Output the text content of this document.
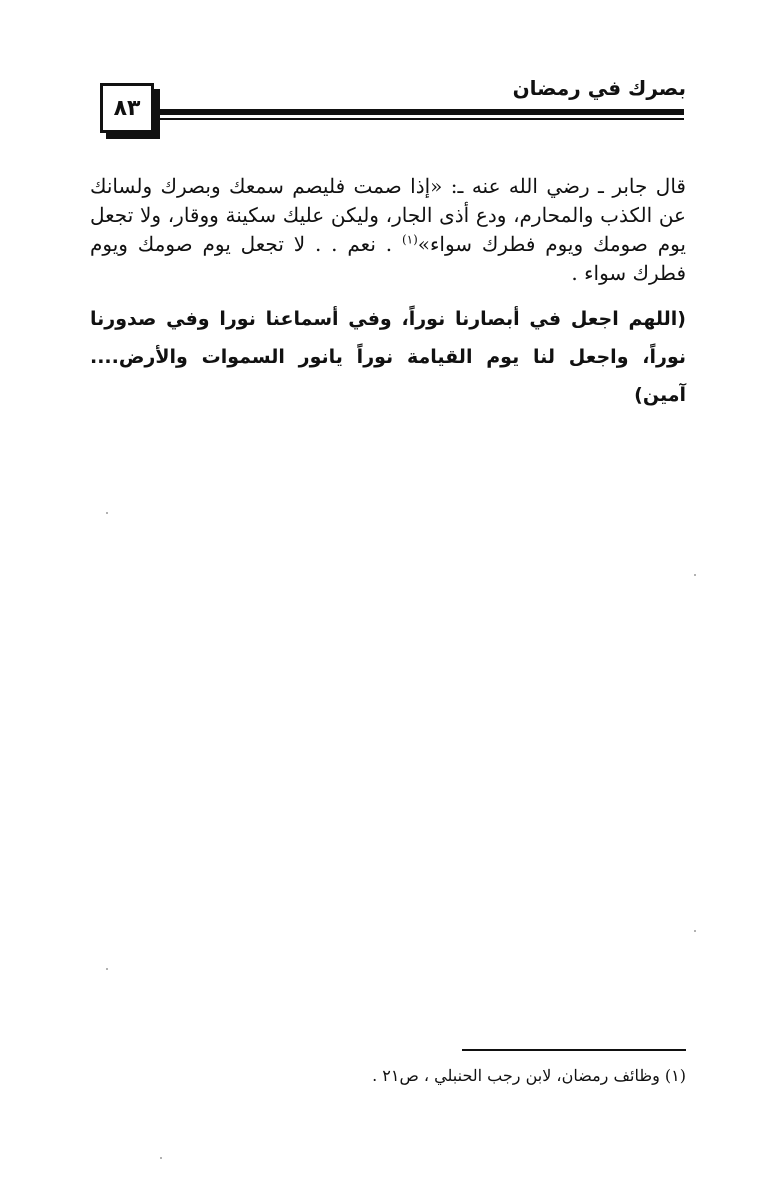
بصرك في رمضان
٨٣

قال جابر ـ رضي الله عنه ـ: «إذا صمت فليصم سمعك وبصرك ولسانك عن الكذب والمحارم، ودع أذى الجار، وليكن عليك سكينة ووقار، ولا تجعل يوم صومك ويوم فطرك سواء»$^{(١)}$ . نعم . . لا تجعل يوم صومك ويوم فطرك سواء .

(اللهم اجعل في أبصارنا نوراً، وفي أسماعنا نورا وفي صدورنا نوراً، واجعل لنا يوم القيامة نوراً يانور السموات والأرض.... آمين)

(١) وظائف رمضان، لابن رجب الحنبلي ، ص٢١ .
